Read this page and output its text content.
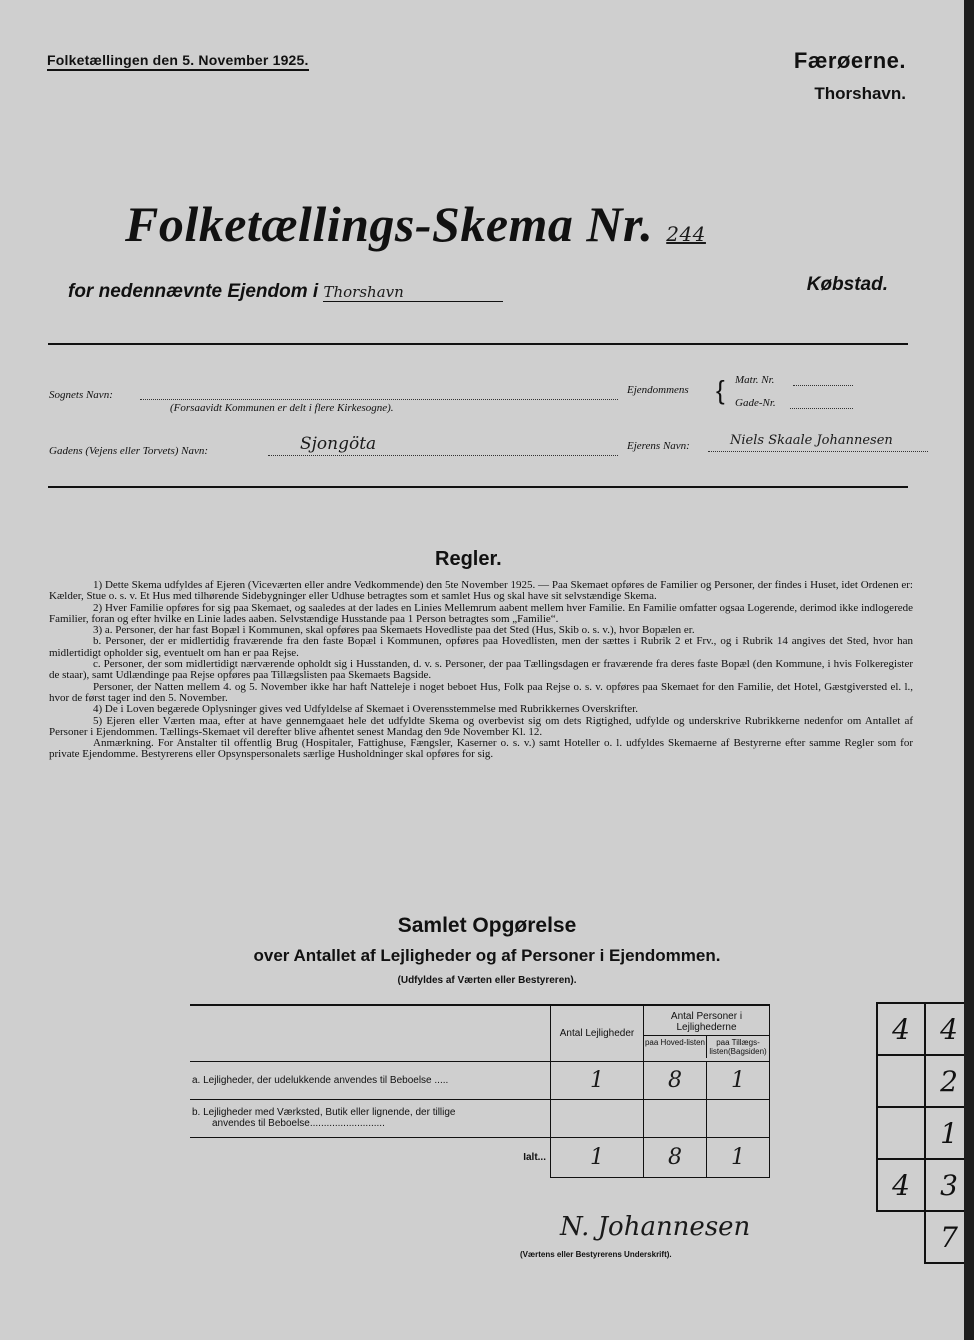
Folketællingen den 5. November 1925.	Færøerne.
Thorshavn.
Folketællings-Skema Nr. 244
for nedennævnte Ejendom i Thorshavn	Købstad.
Sognets Navn:
(Forsaavidt Kommunen er delt i flere Kirkesogne).
Ejendommens { Matr. Nr.
Gade-Nr.
Gadens (Vejens eller Torvets) Navn:	Sjongöta	Ejerens Navn:	Niels Skaale Johannesen
Regler.

1) Dette Skema udfyldes af Ejeren (Viceværten eller andre Vedkommende) den 5te November 1925. — Paa Skemaet opføres de Familier og Personer, der findes i Huset, idet Ordenen er: Kælder, Stue o. s. v. Et Hus med tilhørende Sidebygninger eller Udhuse betragtes som et samlet Hus og skal have sit selvstændige Skema.

2) Hver Familie opføres for sig paa Skemaet, og saaledes at der lades en Linies Mellemrum aabent mellem hver Familie. En Familie omfatter ogsaa Logerende, derimod ikke indlogerede Familier, foran og efter hvilke en Linie lades aaben. Selvstændige Husstande paa 1 Person betragtes som „Familie“.

3) a. Personer, der har fast Bopæl i Kommunen, skal opføres paa Skemaets Hovedliste paa det Sted (Hus, Skib o. s. v.), hvor Bopælen er.

b. Personer, der er midlertidig fraværende fra den faste Bopæl i Kommunen, opføres paa Hovedlisten, men der sættes i Rubrik 2 et Frv., og i Rubrik 14 angives det Sted, hvor han midlertidigt opholder sig, eventuelt om han er paa Rejse.

c. Personer, der som midlertidigt nærværende opholdt sig i Husstanden, d. v. s. Personer, der paa Tællingsdagen er fraværende fra deres faste Bopæl (den Kommune, i hvis Folkeregister de staar), samt Udlændinge paa Rejse opføres paa Tillægslisten paa Skemaets Bagside.

Personer, der Natten mellem 4. og 5. November ikke har haft Natteleje i noget beboet Hus, Folk paa Rejse o. s. v. opføres paa Skemaet for den Familie, det Hotel, Gæstgiversted el. l., hvor de først tager ind den 5. November.

4) De i Loven begærede Oplysninger gives ved Udfyldelse af Skemaet i Overensstemmelse med Rubrikkernes Overskrifter.

5) Ejeren eller Værten maa, efter at have gennemgaaet hele det udfyldte Skema og overbevist sig om dets Rigtighed, udfylde og underskrive Rubrikkerne nedenfor om Antallet af Personer i Ejendommen. Tællings-Skemaet vil derefter blive afhentet senest Mandag den 9de November Kl. 12.

Anmærkning. For Anstalter til offentlig Brug (Hospitaler, Fattighuse, Fængsler, Kaserner o. s. v.) samt Hoteller o. l. udfyldes Skemaerne af Bestyrerne efter samme Regler som for private Ejendomme. Bestyrerens eller Opsynspersonalets særlige Husholdninger skal opføres for sig.

Samlet Opgørelse
over Antallet af Lejligheder og af Personer i Ejendommen.
(Udfyldes af Værten eller Bestyreren).
	Antal Lejligheder	Antal Personer i Lejlighederne
paa Hoved-listen paa Tillægs-listen(Bagsiden)	

a. Lejligheder, der udelukkende anvendes til Beboelse .....	1	8	1

b. Lejligheder med Værksted, Butik eller lignende, der tillige
anvendes til Beboelse...........................			

Ialt...	1	8	1
N. Johannesen
(Værtens eller Bestyrerens Underskrift).
4	4
	2
	1
4	3
	7
